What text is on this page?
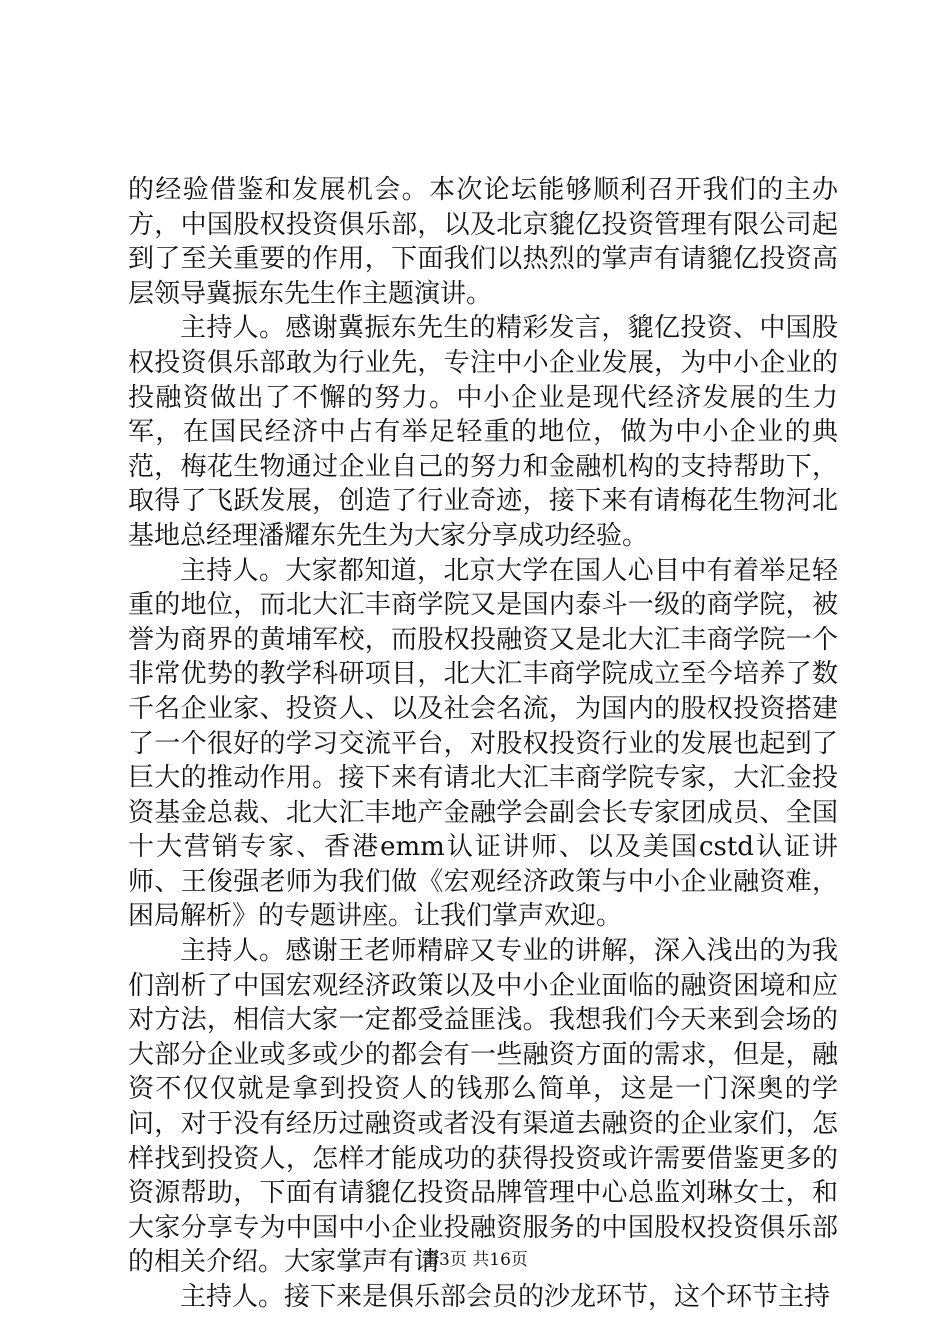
的经验借鉴和发展机会。本次论坛能够顺利召开我们的主办方，中国股权投资俱乐部，以及北京貔亿投资管理有限公司起到了至关重要的作用，下面我们以热烈的掌声有请貔亿投资高层领导冀振东先生作主题演讲。

主持人。感谢冀振东先生的精彩发言，貔亿投资、中国股权投资俱乐部敢为行业先，专注中小企业发展，为中小企业的投融资做出了不懈的努力。中小企业是现代经济发展的生力军，在国民经济中占有举足轻重的地位，做为中小企业的典范，梅花生物通过企业自己的努力和金融机构的支持帮助下，取得了飞跃发展，创造了行业奇迹，接下来有请梅花生物河北基地总经理潘耀东先生为大家分享成功经验。

主持人。大家都知道，北京大学在国人心目中有着举足轻重的地位，而北大汇丰商学院又是国内泰斗一级的商学院，被誉为商界的黄埔军校，而股权投融资又是北大汇丰商学院一个非常优势的教学科研项目，北大汇丰商学院成立至今培养了数千名企业家、投资人、以及社会名流，为国内的股权投资搭建了一个很好的学习交流平台，对股权投资行业的发展也起到了巨大的推动作用。接下来有请北大汇丰商学院专家，大汇金投资基金总裁、北大汇丰地产金融学会副会长专家团成员、全国十大营销专家、香港emm认证讲师、以及美国cstd认证讲师、王俊强老师为我们做《宏观经济政策与中小企业融资难，困局解析》的专题讲座。让我们掌声欢迎。

主持人。感谢王老师精辟又专业的讲解，深入浅出的为我们剖析了中国宏观经济政策以及中小企业面临的融资困境和应对方法，相信大家一定都受益匪浅。我想我们今天来到会场的大部分企业或多或少的都会有一些融资方面的需求，但是，融资不仅仅就是拿到投资人的钱那么简单，这是一门深奥的学问，对于没有经历过融资或者没有渠道去融资的企业家们，怎样找到投资人，怎样才能成功的获得投资或许需要借鉴更多的资源帮助，下面有请貔亿投资品牌管理中心总监刘琳女士，和大家分享专为中国中小企业投融资服务的中国股权投资俱乐部的相关介绍。大家掌声有请

主持人。接下来是俱乐部会员的沙龙环节，这个环节主持

第3页 共16页
